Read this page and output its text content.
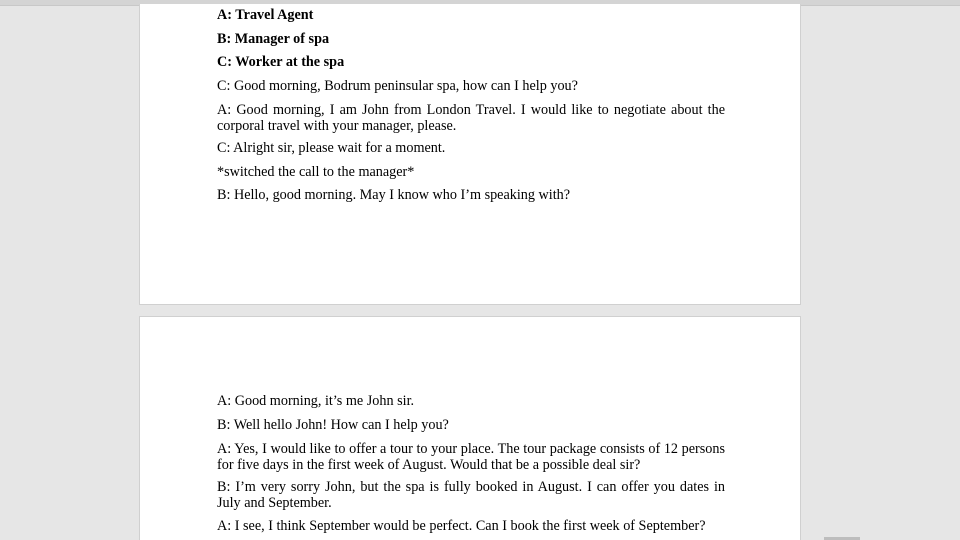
A: Travel Agent

B: Manager of spa

C: Worker at the spa

C: Good morning, Bodrum peninsular spa, how can I help you?

A: Good morning, I am John from London Travel. I would like to negotiate about the corporal travel with your manager, please.

C: Alright sir, please wait for a moment.

*switched the call to the manager*

B: Hello, good morning. May I know who I’m speaking with?

A: Good morning, it’s me John sir.

B: Well hello John! How can I help you?

A: Yes, I would like to offer a tour to your place. The tour package consists of 12 persons for five days in the first week of August. Would that be a possible deal sir?

B: I’m very sorry John, but the spa is fully booked in August. I can offer you dates in July and September.

A: I see, I think September would be perfect. Can I book the first week of September?
